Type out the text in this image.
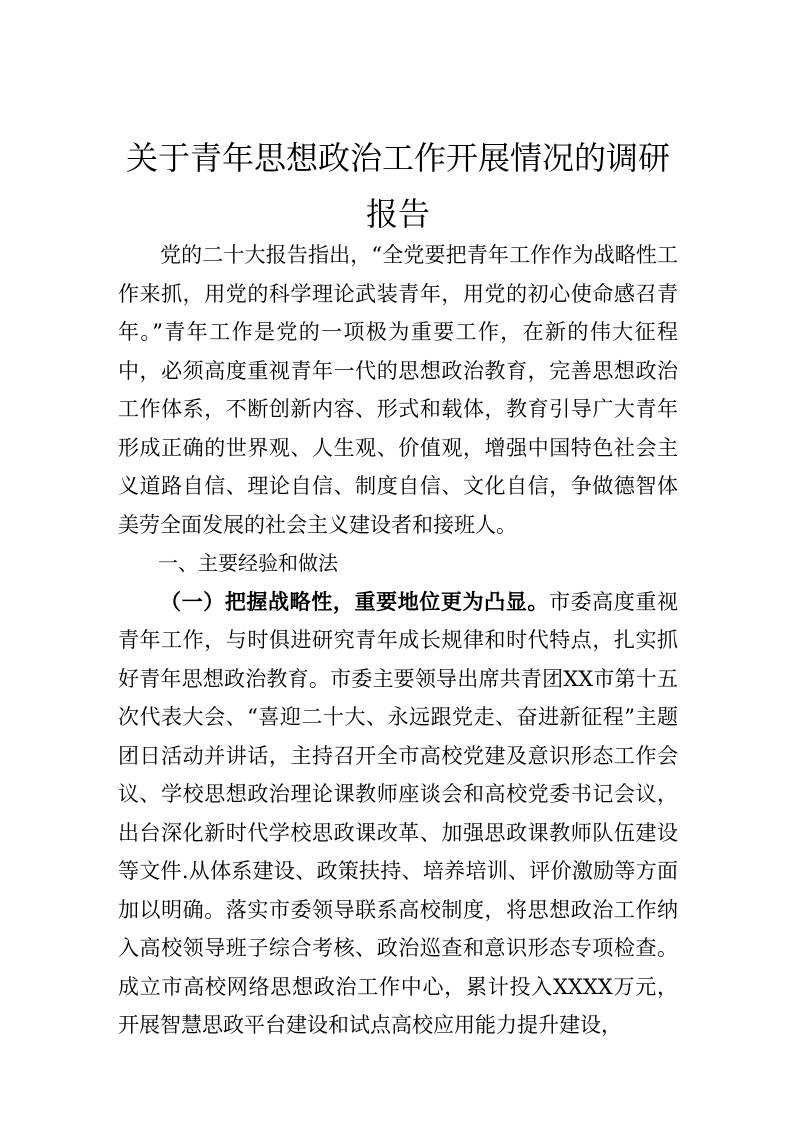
关于青年思想政治工作开展情况的调研报告

党的二十大报告指出，“全党要把青年工作作为战略性工作来抓，用党的科学理论武装青年，用党的初心使命感召青年。”青年工作是党的一项极为重要工作，在新的伟大征程中，必须高度重视青年一代的思想政治教育，完善思想政治工作体系，不断创新内容、形式和载体，教育引导广大青年形成正确的世界观、人生观、价值观，增强中国特色社会主义道路自信、理论自信、制度自信、文化自信，争做德智体美劳全面发展的社会主义建设者和接班人。

一、主要经验和做法

（一）把握战略性，重要地位更为凸显。市委高度重视青年工作，与时俱进研究青年成长规律和时代特点，扎实抓好青年思想政治教育。市委主要领导出席共青团XX市第十五次代表大会、“喜迎二十大、永远跟党走、奋进新征程”主题团日活动并讲话，主持召开全市高校党建及意识形态工作会议、学校思想政治理论课教师座谈会和高校党委书记会议，出台深化新时代学校思政课改革、加强思政课教师队伍建设等文件.从体系建设、政策扶持、培养培训、评价激励等方面加以明确。落实市委领导联系高校制度，将思想政治工作纳入高校领导班子综合考核、政治巡查和意识形态专项检查。成立市高校网络思想政治工作中心，累计投入XXXX万元，开展智慧思政平台建设和试点高校应用能力提升建设，
